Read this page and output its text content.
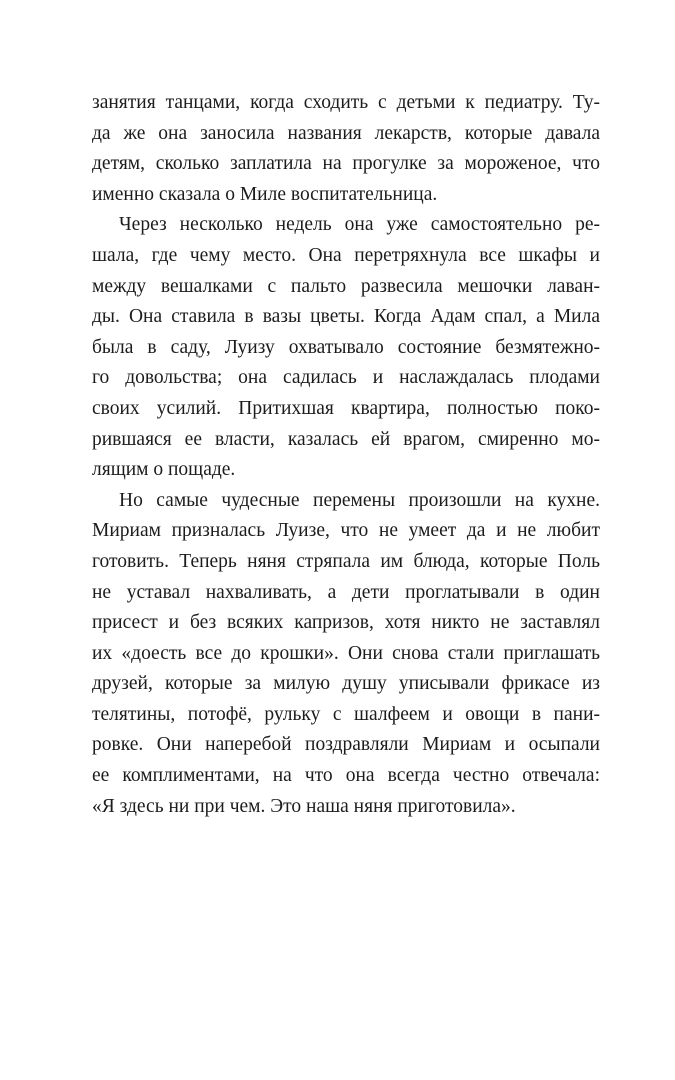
занятия танцами, когда сходить с детьми к педиатру. Ту-
да же она заносила названия лекарств, которые давала
детям, сколько заплатила на прогулке за мороженое, что
именно сказала о Миле воспитательница.
Через несколько недель она уже самостоятельно ре-
шала, где чему место. Она перетряхнула все шкафы и
между вешалками с пальто развесила мешочки лаван-
ды. Она ставила в вазы цветы. Когда Адам спал, а Мила
была в саду, Луизу охватывало состояние безмятежно-
го довольства; она садилась и наслаждалась плодами
своих усилий. Притихшая квартира, полностью поко-
рившаяся ее власти, казалась ей врагом, смиренно мо-
лящим о пощаде.
Но самые чудесные перемены произошли на кухне.
Мириам призналась Луизе, что не умеет да и не любит
готовить. Теперь няня стряпала им блюда, которые Поль
не уставал нахваливать, а дети проглатывали в один
присест и без всяких капризов, хотя никто не заставлял
их «доесть все до крошки». Они снова стали приглашать
друзей, которые за милую душу уписывали фрикасе из
телятины, потофё, рульку с шалфеем и овощи в пани-
ровке. Они наперебой поздравляли Мириам и осыпали
ее комплиментами, на что она всегда честно отвечала:
«Я здесь ни при чем. Это наша няня приготовила».
